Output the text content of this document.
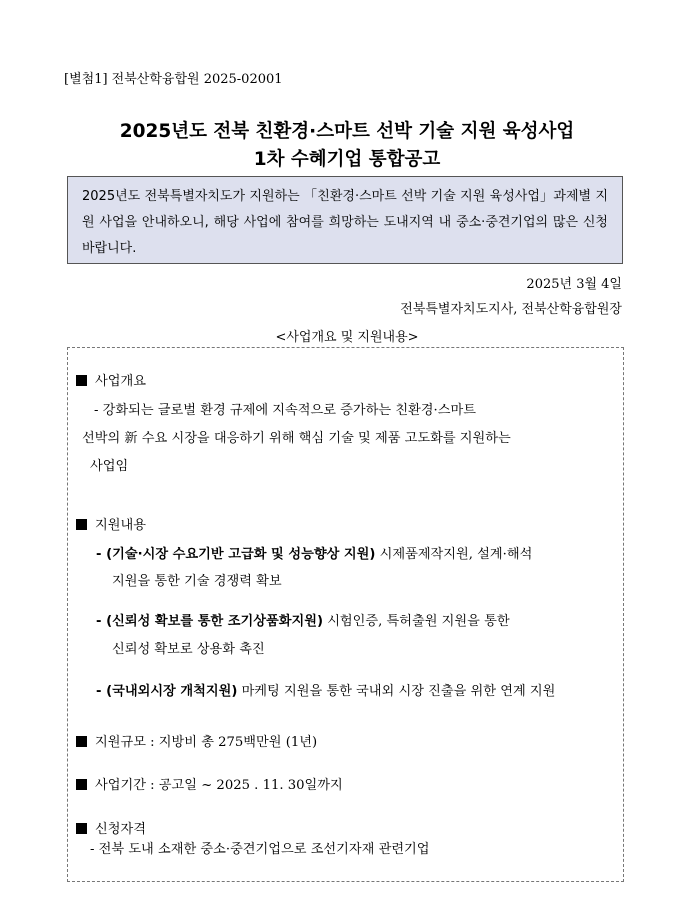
[별첨1] 전북산학융합원 2025-02001
2025년도 전북 친환경·스마트 선박 기술 지원 육성사업
1차 수혜기업 통합공고
2025년도 전북특별자치도가 지원하는 「친환경·스마트 선박 기술 지원 육성사업」과제별 지원 사업을 안내하오니, 해당 사업에 참여를 희망하는 도내지역 내 중소·중견기업의 많은 신청 바랍니다.
2025년 3월 4일
전북특별자치도지사, 전북산학융합원장
<사업개요 및 지원내용>
사업개요
- 강화되는 글로벌 환경 규제에 지속적으로 증가하는 친환경·스마트
선박의 新 수요 시장을 대응하기 위해 핵심 기술 및 제품 고도화를 지원하는
사업임
지원내용
- (기술·시장 수요기반 고급화 및 성능향상 지원) 시제품제작지원, 설계·해석
지원을 통한 기술 경쟁력 확보
- (신뢰성 확보를 통한 조기상품화지원) 시험인증, 특허출원 지원을 통한
신뢰성 확보로 상용화 촉진
- (국내외시장 개척지원) 마케팅 지원을 통한 국내외 시장 진출을 위한 연계 지원
지원규모 : 지방비 총 275백만원 (1년)
사업기간 : 공고일 ~ 2025 . 11. 30일까지
신청자격
- 전북 도내 소재한 중소·중견기업으로 조선기자재 관련기업
